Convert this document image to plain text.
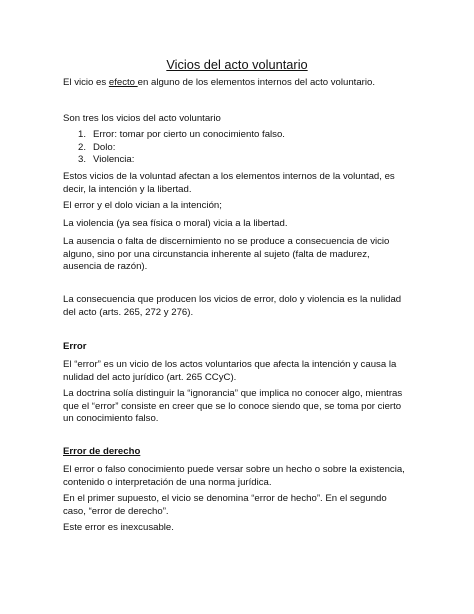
Vicios del acto voluntario

El vicio es efecto en alguno de los elementos internos del acto voluntario.

Son tres los vicios del acto voluntario

1. Error: tomar por cierto un conocimiento falso.
2. Dolo:
3. Violencia:

Estos vicios de la voluntad afectan a los elementos internos de la voluntad, es decir, la intención y la libertad.

El error y el dolo vician a la intención;

La violencia (ya sea física o moral) vicia a la libertad.

La ausencia o falta de discernimiento no se produce a consecuencia de vicio alguno, sino por una circunstancia inherente al sujeto (falta de madurez, ausencia de razón).

La consecuencia que producen los vicios de error, dolo y violencia es la nulidad del acto (arts. 265, 272 y 276).

Error

El “error” es un vicio de los actos voluntarios que afecta la intención y causa la nulidad del acto jurídico (art. 265 CCyC).

La doctrina solía distinguir la “ignorancia” que implica no conocer algo, mientras que el “error” consiste en creer que se lo conoce siendo que, se toma por cierto un conocimiento falso.

Error de derecho

El error o falso conocimiento puede versar sobre un hecho o sobre la existencia, contenido o interpretación de una norma jurídica.

En el primer supuesto, el vicio se denomina “error de hecho”. En el segundo caso, “error de derecho”.

Este error es inexcusable.
